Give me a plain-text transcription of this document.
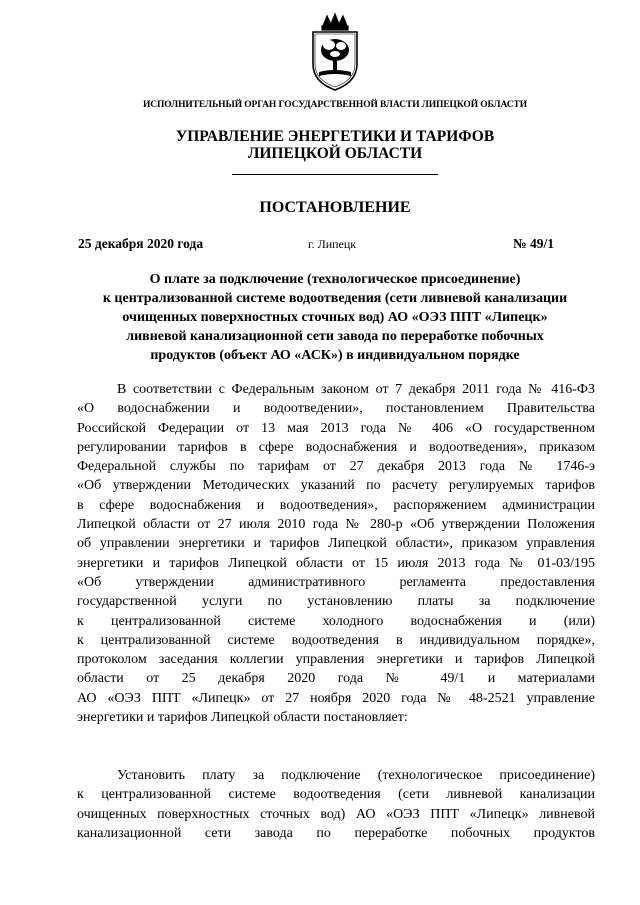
ИСПОЛНИТЕЛЬНЫЙ ОРГАН ГОСУДАРСТВЕННОЙ ВЛАСТИ ЛИПЕЦКОЙ ОБЛАСТИ
УПРАВЛЕНИЕ ЭНЕРГЕТИКИ И ТАРИФОВ
ЛИПЕЦКОЙ ОБЛАСТИ
ПОСТАНОВЛЕНИЕ
25 декабря 2020 года	г. Липецк	№ 49/1
О плате за подключение (технологическое присоединение)
к централизованной системе водоотведения (сети ливневой канализации
очищенных поверхностных сточных вод) АО «ОЭЗ ППТ «Липецк»
ливневой канализационной сети завода по переработке побочных
продуктов (объект АО «АСК») в индивидуальном порядке
В соответствии с Федеральным законом от 7 декабря 2011 года № 416-ФЗ
«О водоснабжении и водоотведении», постановлением Правительства
Российской Федерации от 13 мая 2013 года № 406 «О государственном
регулировании тарифов в сфере водоснабжения и водоотведения», приказом
Федеральной службы по тарифам от 27 декабря 2013 года № 1746-э
«Об утверждении Методических указаний по расчету регулируемых тарифов
в сфере водоснабжения и водоотведения», распоряжением администрации
Липецкой области от 27 июля 2010 года № 280-р «Об утверждении Положения
об управлении энергетики и тарифов Липецкой области», приказом управления
энергетики и тарифов Липецкой области от 15 июля 2013 года № 01-03/195
«Об утверждении административного регламента предоставления
государственной услуги по установлению платы за подключение
к централизованной системе холодного водоснабжения и (или)
к централизованной системе водоотведения в индивидуальном порядке»,
протоколом заседания коллегии управления энергетики и тарифов Липецкой
области от 25 декабря 2020 года № 49/1 и материалами
АО «ОЭЗ ППТ «Липецк» от 27 ноября 2020 года № 48-2521 управление
энергетики и тарифов Липецкой области постановляет:
Установить плату за подключение (технологическое присоединение)
к централизованной системе водоотведения (сети ливневой канализации
очищенных поверхностных сточных вод) АО «ОЭЗ ППТ «Липецк» ливневой
канализационной сети завода по переработке побочных продуктов
